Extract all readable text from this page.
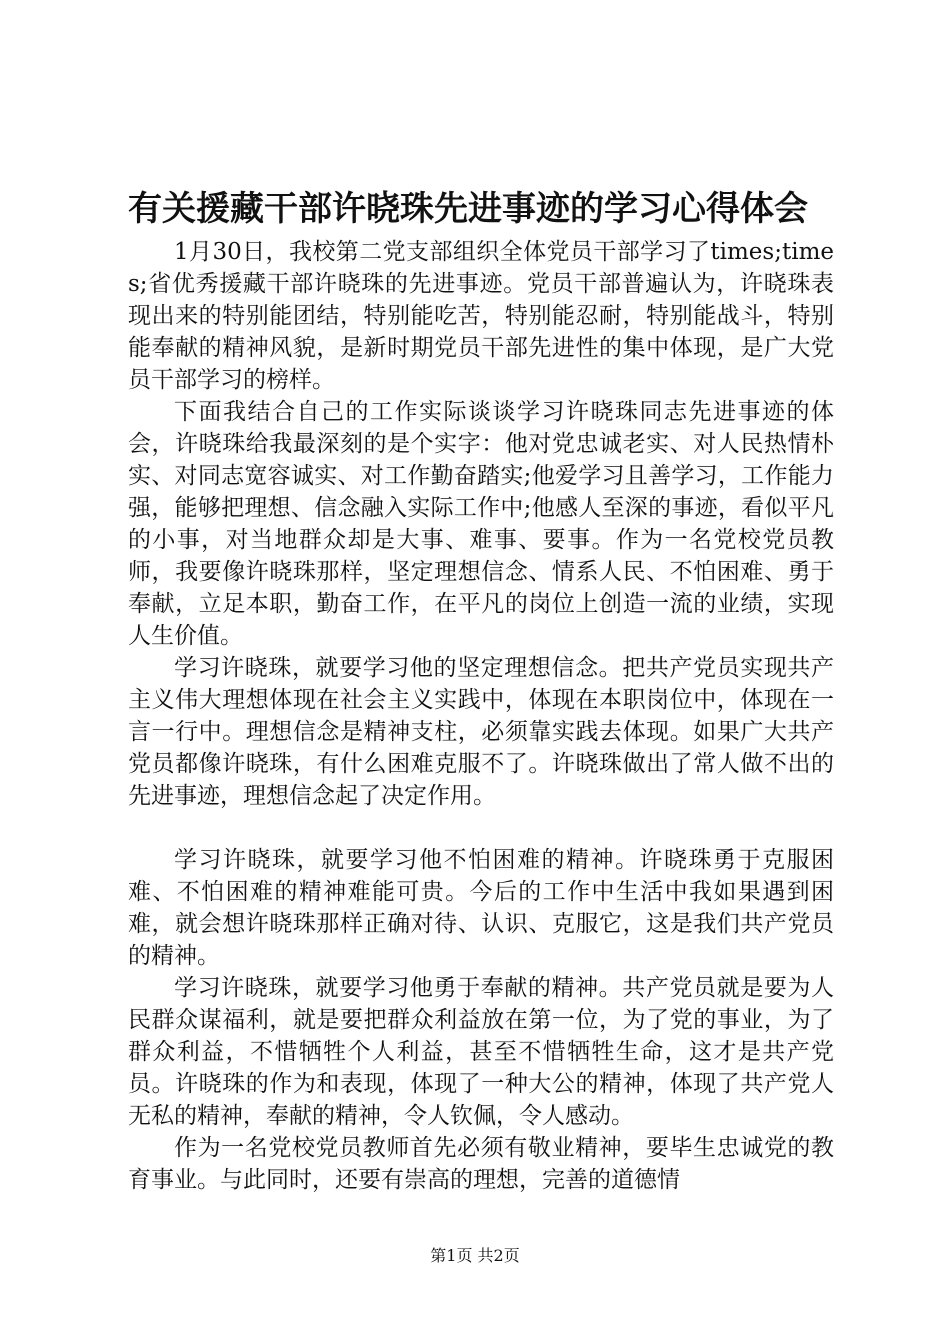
有关援藏干部许晓珠先进事迹的学习心得体会

1月30日，我校第二党支部组织全体党员干部学习了times;times;省优秀援藏干部许晓珠的先进事迹。党员干部普遍认为，许晓珠表现出来的特别能团结，特别能吃苦，特别能忍耐，特别能战斗，特别能奉献的精神风貌，是新时期党员干部先进性的集中体现，是广大党员干部学习的榜样。

下面我结合自己的工作实际谈谈学习许晓珠同志先进事迹的体会，许晓珠给我最深刻的是个实字：他对党忠诚老实、对人民热情朴实、对同志宽容诚实、对工作勤奋踏实;他爱学习且善学习，工作能力强，能够把理想、信念融入实际工作中;他感人至深的事迹，看似平凡的小事，对当地群众却是大事、难事、要事。作为一名党校党员教师，我要像许晓珠那样，坚定理想信念、情系人民、不怕困难、勇于奉献，立足本职，勤奋工作，在平凡的岗位上创造一流的业绩，实现人生价值。

学习许晓珠，就要学习他的坚定理想信念。把共产党员实现共产主义伟大理想体现在社会主义实践中，体现在本职岗位中，体现在一言一行中。理想信念是精神支柱，必须靠实践去体现。如果广大共产党员都像许晓珠，有什么困难克服不了。许晓珠做出了常人做不出的先进事迹，理想信念起了决定作用。

学习许晓珠，就要学习他不怕困难的精神。许晓珠勇于克服困难、不怕困难的精神难能可贵。今后的工作中生活中我如果遇到困难，就会想许晓珠那样正确对待、认识、克服它，这是我们共产党员的精神。

学习许晓珠，就要学习他勇于奉献的精神。共产党员就是要为人民群众谋福利，就是要把群众利益放在第一位，为了党的事业，为了群众利益，不惜牺牲个人利益，甚至不惜牺牲生命，这才是共产党员。许晓珠的作为和表现，体现了一种大公的精神，体现了共产党人无私的精神，奉献的精神，令人钦佩，令人感动。

作为一名党校党员教师首先必须有敬业精神，要毕生忠诚党的教育事业。与此同时，还要有崇高的理想，完善的道德情

第1页 共2页
